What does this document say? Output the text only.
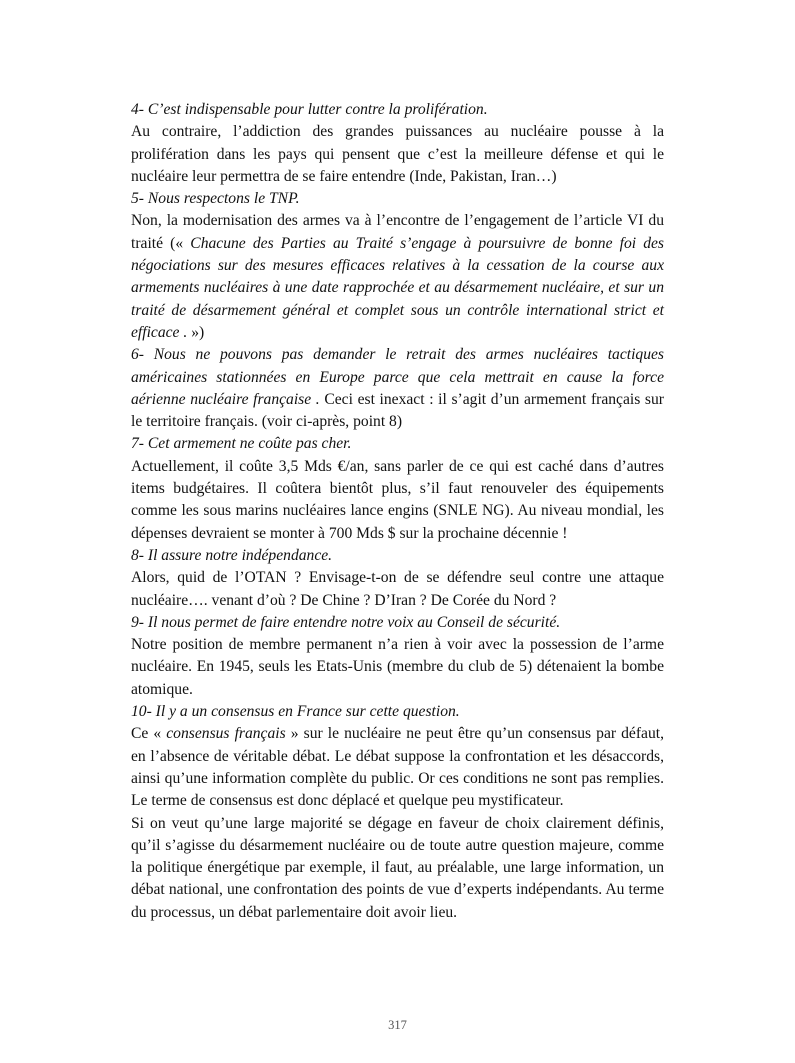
4- C’est indispensable pour lutter contre la prolifération.

Au contraire, l’addiction des grandes puissances au nucléaire pousse à la prolifération dans les pays qui pensent que c’est la meilleure défense et qui le nucléaire leur permettra de se faire entendre (Inde, Pakistan, Iran…)

5- Nous respectons le TNP.

Non, la modernisation des armes va à l’encontre de l’engagement de l’article VI du traité (« Chacune des Parties au Traité s’engage à poursuivre de bonne foi des négociations sur des mesures efficaces relatives à la cessation de la course aux armements nucléaires à une date rapprochée et au désarmement nucléaire, et sur un traité de désarmement général et complet sous un contrôle international strict et efficace . »)

6- Nous ne pouvons pas demander le retrait des armes nucléaires tactiques américaines stationnées en Europe parce que cela mettrait en cause la force aérienne nucléaire française . Ceci est inexact : il s’agit d’un armement français sur le territoire français. (voir ci-après, point 8)

7- Cet armement ne coûte pas cher.

Actuellement, il coûte 3,5 Mds €/an, sans parler de ce qui est caché dans d’autres items budgétaires. Il coûtera bientôt plus, s’il faut renouveler des équipements comme les sous marins nucléaires lance engins (SNLE NG). Au niveau mondial, les dépenses devraient se monter à 700 Mds $ sur la prochaine décennie !

8- Il assure notre indépendance.

Alors, quid de l’OTAN ? Envisage-t-on de se défendre seul contre une attaque nucléaire…. venant d’où ? De Chine ? D’Iran ? De Corée du Nord ?

9- Il nous permet de faire entendre notre voix au Conseil de sécurité.

Notre position de membre permanent n’a rien à voir avec la possession de l’arme nucléaire. En 1945, seuls les Etats-Unis (membre du club de 5) détenaient la bombe atomique.

10- Il y a un consensus en France sur cette question.

Ce « consensus français » sur le nucléaire ne peut être qu’un consensus par défaut, en l’absence de véritable débat. Le débat suppose la confrontation et les désaccords, ainsi qu’une information complète du public. Or ces conditions ne sont pas remplies. Le terme de consensus est donc déplacé et quelque peu mystificateur.

Si on veut qu’une large majorité se dégage en faveur de choix clairement définis, qu’il s’agisse du désarmement nucléaire ou de toute autre question majeure, comme la politique énergétique par exemple, il faut, au préalable, une large information, un débat national, une confrontation des points de vue d’experts indépendants. Au terme du processus, un débat parlementaire doit avoir lieu.

317
